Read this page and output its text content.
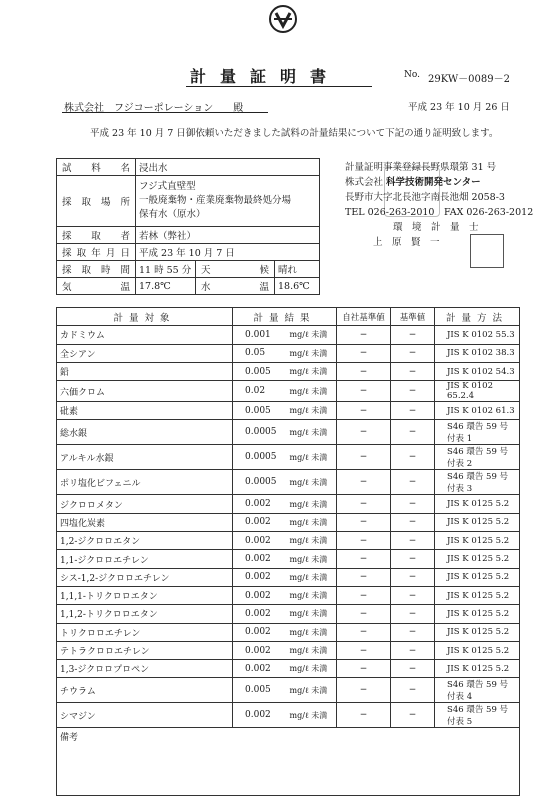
計量証明書	No. 29KW－0089－2
株式会社　フジコーポレーション　　殿	平成 23 年 10 月 26 日
平成 23 年 10 月 7 日御依頼いただきました試料の計量結果について下記の通り証明致します。
試料名	浸出水		
採取場所	フジ式直壁型
一般廃棄物・産業廃棄物最終処分場
保有水（原水）		

採取者	若林（弊社）		
採取年月日	平成 23 年 10 月 7 日		
採取時間	11 時 55 分	天候	晴れ
気温	17.8℃	水温	18.6℃
計量証明事業登録長野県環第 31 号
株式会社 科学技術開発センター
長野市大字北長池字南長池畑 2058-3
TEL 026-263-2010　FAX 026-263-2012
環　境　計　量　士
上　原　賢　一
計量対象	計量結果		自社基準値	基準値	計量方法
カドミウム	0.001	mg/ℓ 未満	−	−	JIS K 0102 55.3
全シアン	0.05	mg/ℓ 未満	−	−	JIS K 0102 38.3
鉛	0.005	mg/ℓ 未満	−	−	JIS K 0102 54.3
六価クロム	0.02	mg/ℓ 未満	−	−	JIS K 0102 65.2.4
砒素	0.005	mg/ℓ 未満	−	−	JIS K 0102 61.3
総水銀	0.0005	mg/ℓ 未満	−	−	S46 環告 59 号付表 1
アルキル水銀	0.0005	mg/ℓ 未満	−	−	S46 環告 59 号付表 2
ポリ塩化ビフェニル	0.0005	mg/ℓ 未満	−	−	S46 環告 59 号付表 3
ジクロロメタン	0.002	mg/ℓ 未満	−	−	JIS K 0125 5.2
四塩化炭素	0.002	mg/ℓ 未満	−	−	JIS K 0125 5.2
1,2-ジクロロエタン	0.002	mg/ℓ 未満	−	−	JIS K 0125 5.2
1,1-ジクロロエチレン	0.002	mg/ℓ 未満	−	−	JIS K 0125 5.2
シス-1,2-ジクロロエチレン	0.002	mg/ℓ 未満	−	−	JIS K 0125 5.2
1,1,1-トリクロロエタン	0.002	mg/ℓ 未満	−	−	JIS K 0125 5.2
1,1,2-トリクロロエタン	0.002	mg/ℓ 未満	−	−	JIS K 0125 5.2
トリクロロエチレン	0.002	mg/ℓ 未満	−	−	JIS K 0125 5.2
テトラクロロエチレン	0.002	mg/ℓ 未満	−	−	JIS K 0125 5.2
1,3-ジクロロプロペン	0.002	mg/ℓ 未満	−	−	JIS K 0125 5.2
チウラム	0.005	mg/ℓ 未満	−	−	S46 環告 59 号付表 4
シマジン	0.002	mg/ℓ 未満	−	−	S46 環告 59 号付表 5
備考					
